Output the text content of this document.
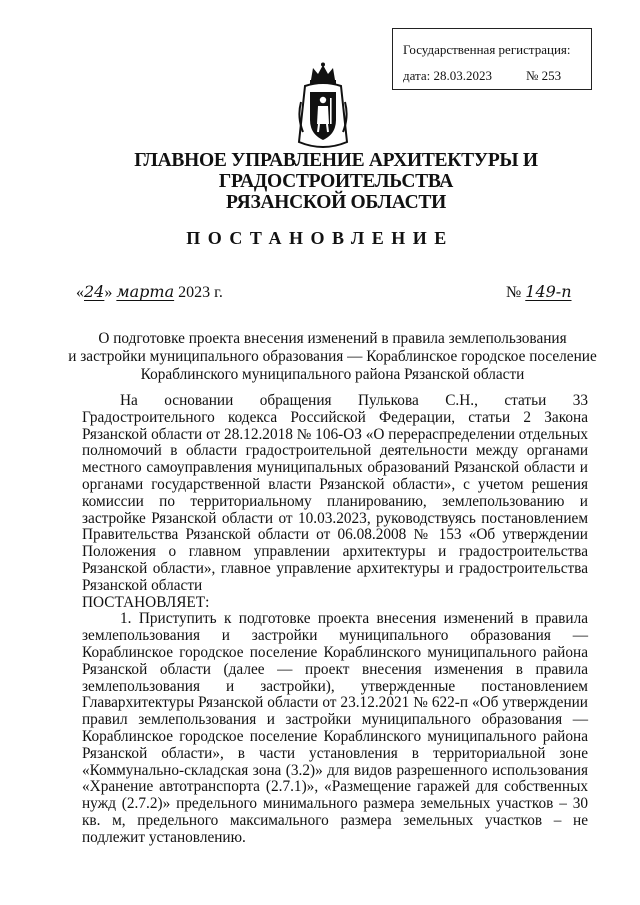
Государственная регистрация:
дата: 28.03.2023	№ 253
ГЛАВНОЕ УПРАВЛЕНИЕ АРХИТЕКТУРЫ И ГРАДОСТРОИТЕЛЬСТВА
РЯЗАНСКОЙ ОБЛАСТИ
ПОСТАНОВЛЕНИЕ
«24» марта 2023 г.	№ 149-п
О подготовке проекта внесения изменений в правила землепользования
и застройки муниципального образования — Кораблинское городское поселение
Кораблинского муниципального района Рязанской области

На основании обращения Пулькова С.Н., статьи 33 Градостроительного кодекса Российской Федерации, статьи 2 Закона Рязанской области от 28.12.2018 № 106-ОЗ «О перераспределении отдельных полномочий в области градостроительной деятельности между органами местного самоуправления муниципальных образований Рязанской области и органами государственной власти Рязанской области», с учетом решения комиссии по территориальному планированию, землепользованию и застройке Рязанской области от 10.03.2023, руководствуясь постановлением Правительства Рязанской области от 06.08.2008 № 153 «Об утверждении Положения о главном управлении архитектуры и градостроительства Рязанской области», главное управление архитектуры и градостроительства Рязанской области

ПОСТАНОВЛЯЕТ:

1. Приступить к подготовке проекта внесения изменений в правила землепользования и застройки муниципального образования — Кораблинское городское поселение Кораблинского муниципального района Рязанской области (далее — проект внесения изменения в правила землепользования и застройки), утвержденные постановлением Главархитектуры Рязанской области от 23.12.2021 № 622-п «Об утверждении правил землепользования и застройки муниципального образования — Кораблинское городское поселение Кораблинского муниципального района Рязанской области», в части установления в территориальной зоне «Коммунально-складская зона (3.2)» для видов разрешенного использования «Хранение автотранспорта (2.7.1)», «Размещение гаражей для собственных нужд (2.7.2)» предельного минимального размера земельных участков – 30 кв. м, предельного максимального размера земельных участков – не подлежит установлению.
